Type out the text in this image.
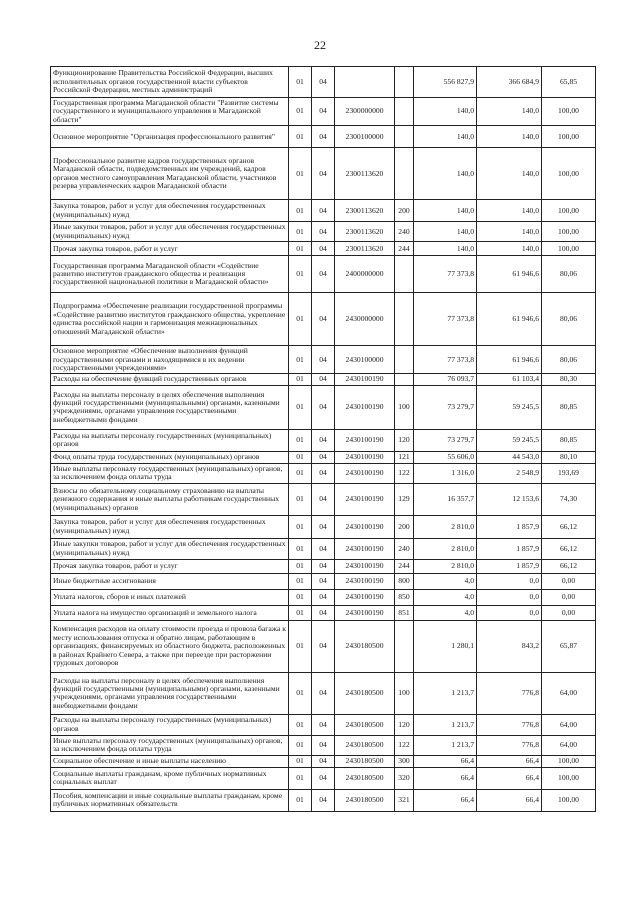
22
Функционирование Правительства Российской Федерации, высших исполнительных органов государственной власти субъектов Российской Федерации, местных администраций	01	04			556 827,9	366 684,9	65,85
Государственная программа Магаданской области "Развитие системы государственного и муниципального управления в Магаданской области"	01	04	2300000000		140,0	140,0	100,00
Основное мероприятие "Организация профессионального развития"	01	04	2300100000		140,0	140,0	100,00
Профессиональное развитие кадров государственных органов Магаданской области, подведомственных им учреждений, кадров органов местного самоуправления Магаданской области, участников резерва управленческих кадров Магаданской области	01	04	2300113620		140,0	140,0	100,00
Закупка товаров, работ и услуг для обеспечения государственных (муниципальных) нужд	01	04	2300113620	200	140,0	140,0	100,00
Иные закупки товаров, работ и услуг для обеспечения государственных (муниципальных) нужд	01	04	2300113620	240	140,0	140,0	100,00
Прочая закупка товаров, работ и услуг	01	04	2300113620	244	140,0	140,0	100,00
Государственная программа Магаданской области «Содействие развитию институтов гражданского общества и реализация государственной национальной политики в Магаданской области»	01	04	2400000000		77 373,8	61 946,6	80,06
Подпрограмма «Обеспечение реализации государственной программы «Содействие развитию институтов гражданского общества, укрепление единства российской нации и гармонизация межнациональных отношений Магаданской области»	01	04	2430000000		77 373,8	61 946,6	80,06
Основное мероприятие «Обеспечение выполнения функций государственными органами и находящимися в их ведении государственными учреждениями»	01	04	2430100000		77 373,8	61 946,6	80,06
Расходы на обеспечение функций государственных органов	01	04	2430100190		76 093,7	61 103,4	80,30
Расходы на выплаты персоналу в целях обеспечения выполнения функций государственными (муниципальными) органами, казенными учреждениями, органами управления государственными внебюджетными фондами	01	04	2430100190	100	73 279,7	59 245,5	80,85
Расходы на выплаты персоналу государственных (муниципальных) органов	01	04	2430100190	120	73 279,7	59 245,5	80,85
Фонд оплаты труда государственных (муниципальных) органов	01	04	2430100190	121	55 606,0	44 543,0	80,10
Иные выплаты персоналу государственных (муниципальных) органов, за исключением фонда оплаты труда	01	04	2430100190	122	1 316,0	2 548,9	193,69
Взносы по обязательному социальному страхованию на выплаты денежного содержания и иные выплаты работникам государственных (муниципальных) органов	01	04	2430100190	129	16 357,7	12 153,6	74,30
Закупка товаров, работ и услуг для обеспечения государственных (муниципальных) нужд	01	04	2430100190	200	2 810,0	1 857,9	66,12
Иные закупки товаров, работ и услуг для обеспечения государственных (муниципальных) нужд	01	04	2430100190	240	2 810,0	1 857,9	66,12
Прочая закупка товаров, работ и услуг	01	04	2430100190	244	2 810,0	1 857,9	66,12
Иные бюджетные ассигнования	01	04	2430100190	800	4,0	0,0	0,00
Уплата налогов, сборов и иных платежей	01	04	2430100190	850	4,0	0,0	0,00
Уплата налога на имущество организаций и земельного налога	01	04	2430100190	851	4,0	0,0	0,00
Компенсация расходов на оплату стоимости проезда и провоза багажа к месту использования отпуска и обратно лицам, работающим в организациях, финансируемых из областного бюджета, расположенных в районах Крайнего Севера, а также при переезде при расторжении трудовых договоров	01	04	2430180500		1 280,1	843,2	65,87
Расходы на выплаты персоналу в целях обеспечения выполнения функций государственными (муниципальными) органами, казенными учреждениями, органами управления государственными внебюджетными фондами	01	04	2430180500	100	1 213,7	776,8	64,00
Расходы на выплаты персоналу государственных (муниципальных) органов	01	04	2430180500	120	1 213,7	776,8	64,00
Иные выплаты персоналу государственных (муниципальных) органов, за исключением фонда оплаты труда	01	04	2430180500	122	1 213,7	776,8	64,00
Социальное обеспечение и иные выплаты населению	01	04	2430180500	300	66,4	66,4	100,00
Социальные выплаты гражданам, кроме публичных нормативных социальных выплат	01	04	2430180500	320	66,4	66,4	100,00
Пособия, компенсации и иные социальные выплаты гражданам, кроме публичных нормативных обязательств	01	04	2430180500	321	66,4	66,4	100,00
